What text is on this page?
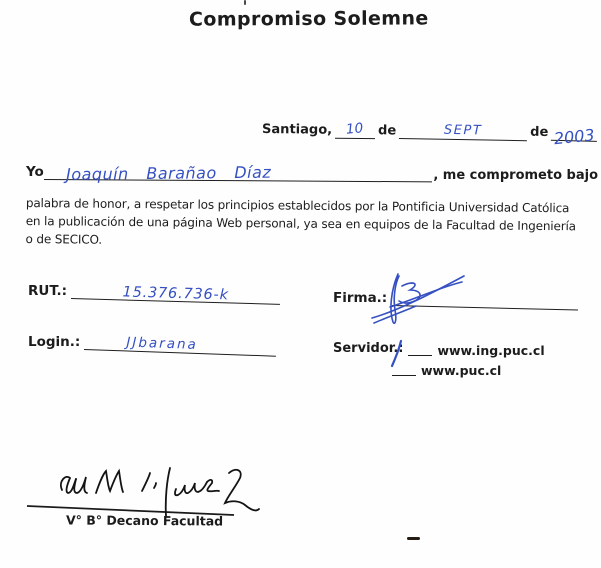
Compromiso Solemne
Santiago, 10 de	SEPT	de 2003
Yo Joaquín Barañao Díaz	, me comprometo bajo
palabra de honor, a respetar los principios establecidos por la Pontificia Universidad Católica
en la publicación de una página Web personal, ya sea en equipos de la Facultad de Ingeniería
o de SECICO.
RUT.:	15.376.736-k	Firma.:
Login.:	JJbarana	Servidor.:	www.ing.puc.cl
www.puc.cl
V° B° Decano Facultad
